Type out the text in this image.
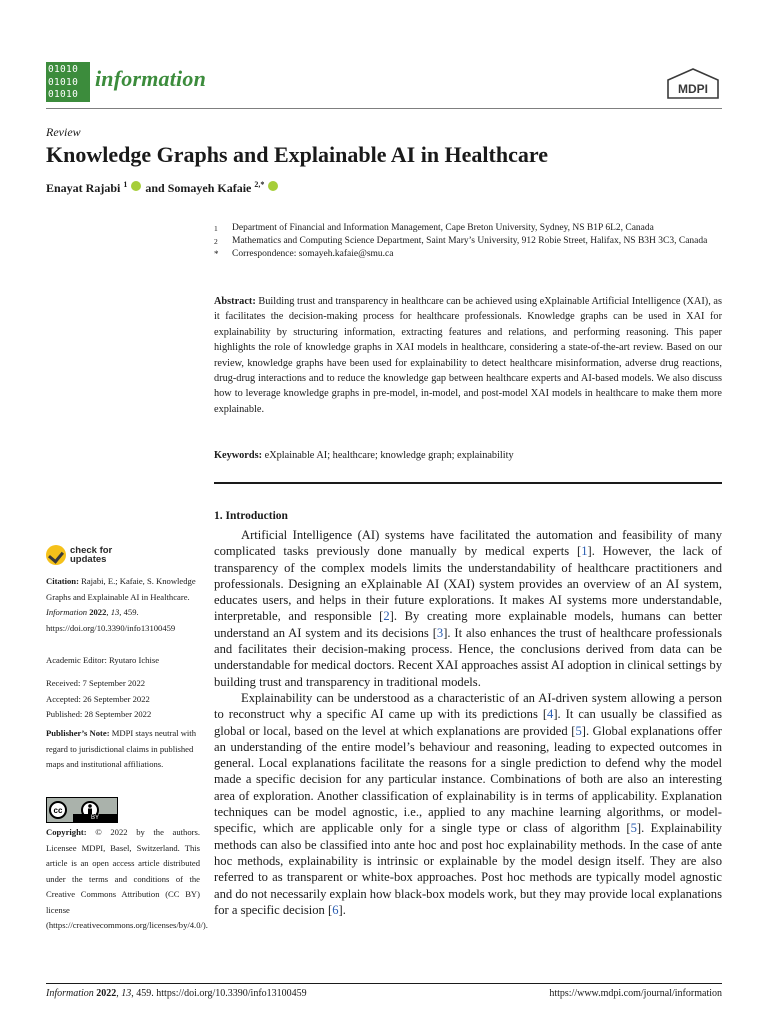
01010
01010
01010
information	MDPI
Review
Knowledge Graphs and Explainable AI in Healthcare
Enayat Rajabi $^1$  and Somayeh Kafaie $^{2,*}$
1	Department of Financial and Information Management, Cape Breton University, Sydney, NS B1P 6L2, Canada
2	Mathematics and Computing Science Department, Saint Mary’s University, 912 Robie Street, Halifax, NS B3H 3C3, Canada
*	Correspondence: somayeh.kafaie@smu.ca
Abstract: Building trust and transparency in healthcare can be achieved using eXplainable Artificial Intelligence (XAI), as it facilitates the decision-making process for healthcare professionals. Knowledge graphs can be used in XAI for explainability by structuring information, extracting features and relations, and performing reasoning. This paper highlights the role of knowledge graphs in XAI models in healthcare, considering a state-of-the-art review. Based on our review, knowledge graphs have been used for explainability to detect healthcare misinformation, adverse drug reactions, drug-drug interactions and to reduce the knowledge gap between healthcare experts and AI-based models. We also discuss how to leverage knowledge graphs in pre-model, in-model, and post-model XAI models in healthcare to make them more explainable.
Keywords: eXplainable AI; healthcare; knowledge graph; explainability
1. Introduction

Artificial Intelligence (AI) systems have facilitated the automation and feasibility of many complicated tasks previously done manually by medical experts [1]. However, the lack of transparency of the complex models limits the understandability of healthcare practitioners and professionals. Designing an eXplainable AI (XAI) system provides an overview of an AI system, educates users, and helps in their future explorations. It makes AI systems more understandable, interpretable, and responsible [2]. By creating more explainable models, humans can better understand an AI system and its decisions [3]. It also enhances the trust of healthcare professionals and facilitates their decision-making process. Hence, the conclusions derived from data can be understandable for medical doctors. Recent XAI approaches assist AI adoption in clinical settings by building trust and transparency in traditional models.

Explainability can be understood as a characteristic of an AI-driven system allowing a person to reconstruct why a specific AI came up with its predictions [4]. It can usually be classified as global or local, based on the level at which explanations are provided [5]. Global explanations offer an understanding of the entire model’s behaviour and reasoning, leading to expected outcomes in general. Local explanations facilitate the reasons for a single prediction to defend why the model made a specific decision for any particular instance. Combinations of both are also an interesting area of exploration. Another classification of explainability is in terms of applicability. Explanation techniques can be model agnostic, i.e., applied to any machine learning algorithms, or model-specific, which are applicable only for a single type or class of algorithm [5]. Explainability methods can also be classified into ante hoc and post hoc explainability methods. In the case of ante hoc methods, explainability is intrinsic or explainable by the model design itself. They are also referred to as transparent or white-box approaches. Post hoc methods are typically model agnostic and do not necessarily explain how black-box models work, but they may provide local explanations for a specific decision [6].

check for
updates
Citation: Rajabi, E.; Kafaie, S. Knowledge Graphs and Explainable AI in Healthcare. Information 2022, 13, 459. https://doi.org/10.3390/info13100459
Academic Editor: Ryutaro Ichise
Received: 7 September 2022
Accepted: 26 September 2022
Published: 28 September 2022
Publisher’s Note: MDPI stays neutral with regard to jurisdictional claims in published maps and institutional affiliations.
cc
BY
Copyright: © 2022 by the authors. Licensee MDPI, Basel, Switzerland. This article is an open access article distributed under the terms and conditions of the Creative Commons Attribution (CC BY) license (https://creativecommons.org/licenses/by/4.0/).
Information 2022, 13, 459. https://doi.org/10.3390/info13100459	https://www.mdpi.com/journal/information
